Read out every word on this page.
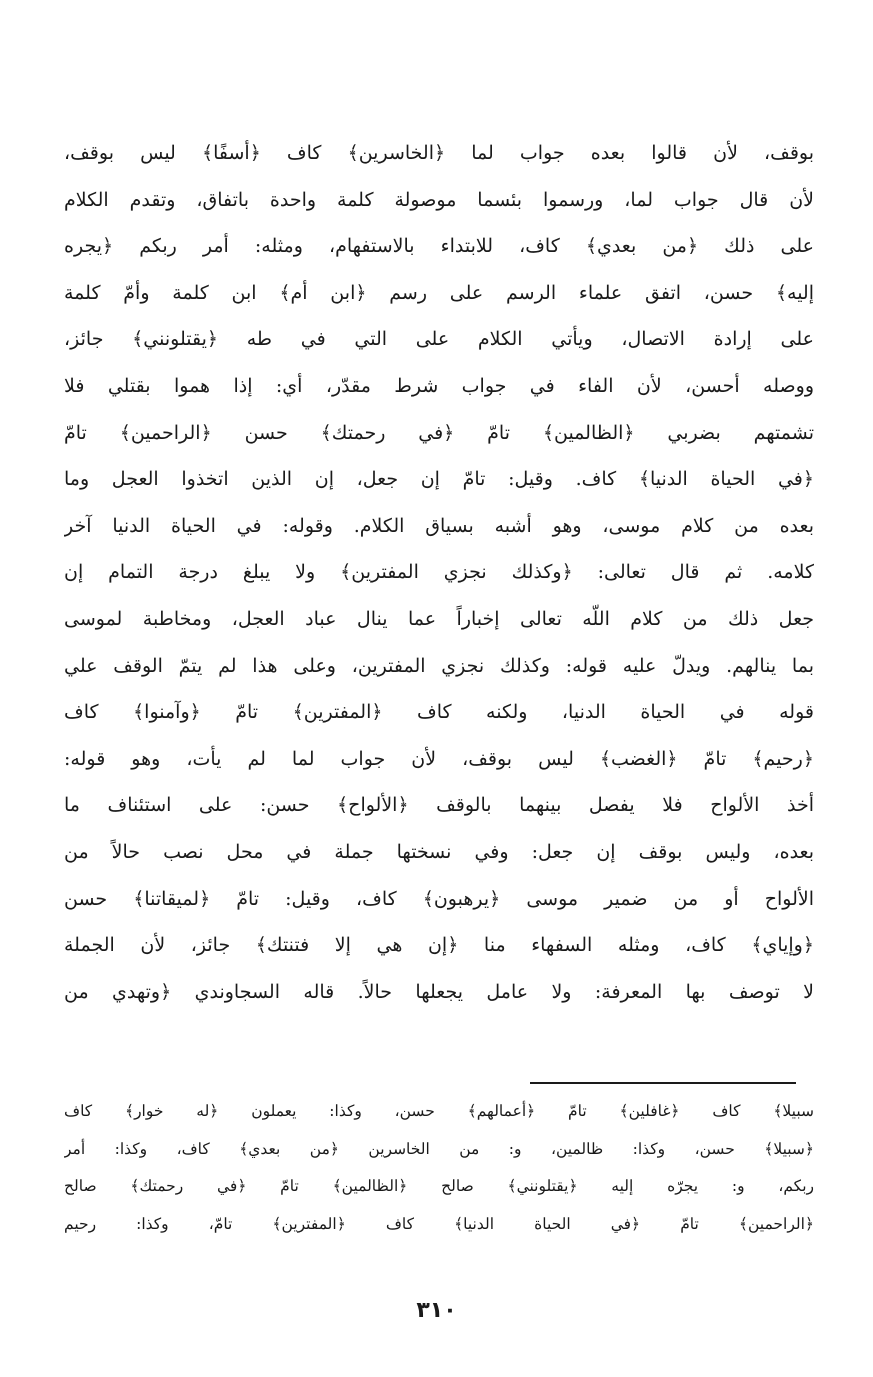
بوقف، لأن قالوا بعده جواب لما ﴿الخاسرين﴾ كاف ﴿أسفًا﴾ ليس بوقف،
لأن قال جواب لما، ورسموا بئسما موصولة كلمة واحدة باتفاق، وتقدم الكلام
على ذلك ﴿من بعدي﴾ كاف، للابتداء بالاستفهام، ومثله: أمر ربكم ﴿يجره
إليه﴾ حسن، اتفق علماء الرسم على رسم ﴿ابن أم﴾ ابن كلمة وأمّ كلمة
على إرادة الاتصال، ويأتي الكلام على التي في طه ﴿يقتلونني﴾ جائز،
ووصله أحسن، لأن الفاء في جواب شرط مقدّر، أي: إذا هموا بقتلي فلا
تشمتهم بضربي ﴿الظالمين﴾ تامّ ﴿في رحمتك﴾ حسن ﴿الراحمين﴾ تامّ
﴿في الحياة الدنيا﴾ كاف. وقيل: تامّ إن جعل، إن الذين اتخذوا العجل وما
بعده من كلام موسى، وهو أشبه بسياق الكلام. وقوله: في الحياة الدنيا آخر
كلامه. ثم قال تعالى: ﴿وكذلك نجزي المفترين﴾ ولا يبلغ درجة التمام إن
جعل ذلك من كلام اللّه تعالى إخباراً عما ينال عباد العجل، ومخاطبة لموسى
بما ينالهم. ويدلّ عليه قوله: وكذلك نجزي المفترين، وعلى هذا لم يتمّ الوقف علي
قوله في الحياة الدنيا، ولكنه كاف ﴿المفترين﴾ تامّ ﴿وآمنوا﴾ كاف
﴿رحيم﴾ تامّ ﴿الغضب﴾ ليس بوقف، لأن جواب لما لم يأت، وهو قوله:
أخذ الألواح فلا يفصل بينهما بالوقف ﴿الألواح﴾ حسن: على استئناف ما
بعده، وليس بوقف إن جعل: وفي نسختها جملة في محل نصب حالاً من
الألواح أو من ضمير موسى ﴿يرهبون﴾ كاف، وقيل: تامّ ﴿لميقاتنا﴾ حسن
﴿وإياي﴾ كاف، ومثله السفهاء منا ﴿إن هي إلا فتنتك﴾ جائز، لأن الجملة
لا توصف بها المعرفة: ولا عامل يجعلها حالاً. قاله السجاوندي ﴿وتهدي من
سبيلا﴾ كاف ﴿غافلين﴾ تامّ ﴿أعمالهم﴾ حسن، وكذا: يعملون ﴿له خوار﴾ كاف
﴿سبيلا﴾ حسن، وكذا: ظالمين، و: من الخاسرين ﴿من بعدي﴾ كاف، وكذا: أمر
ربكم، و: يجرّه إليه ﴿يقتلونني﴾ صالح ﴿الظالمين﴾ تامّ ﴿في رحمتك﴾ صالح
﴿الراحمين﴾ تامّ ﴿في الحياة الدنيا﴾ كاف ﴿المفترين﴾ تامّ، وكذا: رحيم
٣١٠
